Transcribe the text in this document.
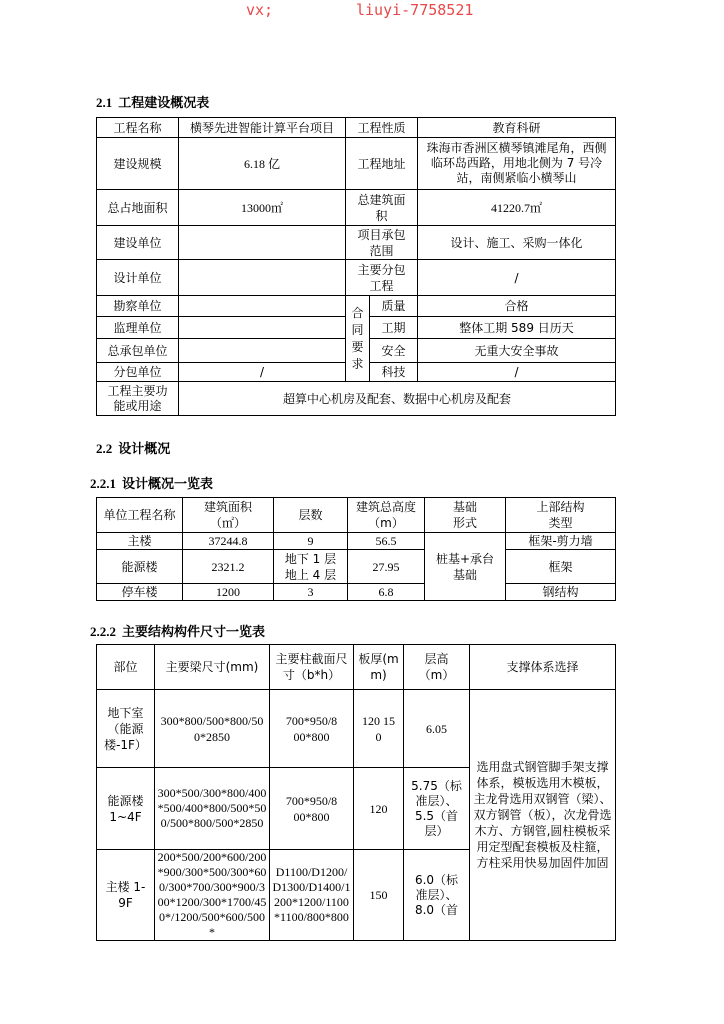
vx;	liuyi-7758521
2.1 工程建设概况表
工程名称	横琴先进智能计算平台项目	工程性质		教育科研
建设规模	6.18 亿	工程地址		珠海市香洲区横琴镇滩尾角，西侧临环岛西路，用地北侧为 7 号冷站，南侧紧临小横琴山
总占地面积	13000㎡	总建筑面积		41220.7㎡
建设单位		项目承包范围		设计、施工、采购一体化
设计单位		主要分包工程		/
勘察单位		合同要求	质量	合格
监理单位			工期	整体工期 589 日历天
总承包单位			安全	无重大安全事故
分包单位	/		科技	/
工程主要功能或用途	超算中心机房及配套、数据中心机房及配套			
2.2 设计概况
2.2.1 设计概况一览表
单位工程名称	建筑面积（㎡）	层数	建筑总高度（m）	基础形式	上部结构类型
主楼	37244.8	9	56.5	桩基+承台基础	框架-剪力墙
能源楼	2321.2	地下 1 层地上 4 层	27.95		框架
停车楼	1200	3	6.8		钢结构
2.2.2 主要结构构件尺寸一览表
部位	主要梁尺寸(mm)	主要柱截面尺寸（b*h）	板厚(mm)	层高（m）	支撑体系选择
地下室（能源楼-1F）	300*800/500*800/500*2850	700*950/800*800	120 150	6.05	选用盘式钢管脚手架支撑体系，模板选用木模板，主龙骨选用双钢管（梁）、双方钢管（板），次龙骨选木方、方钢管,圆柱模板采用定型配套模板及柱箍，方柱采用快易加固件加固
能源楼 1~4F	300*500/300*800/400*500/400*800/500*500/500*800/500*2850	700*950/800*800	120	5.75（标准层）、5.5（首层）	
主楼 1-9F	200*500/200*600/200*900/300*500/300*600/300*700/300*900/300*1200/300*1700/450*/1200/500*600/500*	D1100/D1200/D1300/D1400/1200*1200/1100*1100/800*800	150	6.0（标准层）、8.0（首	
